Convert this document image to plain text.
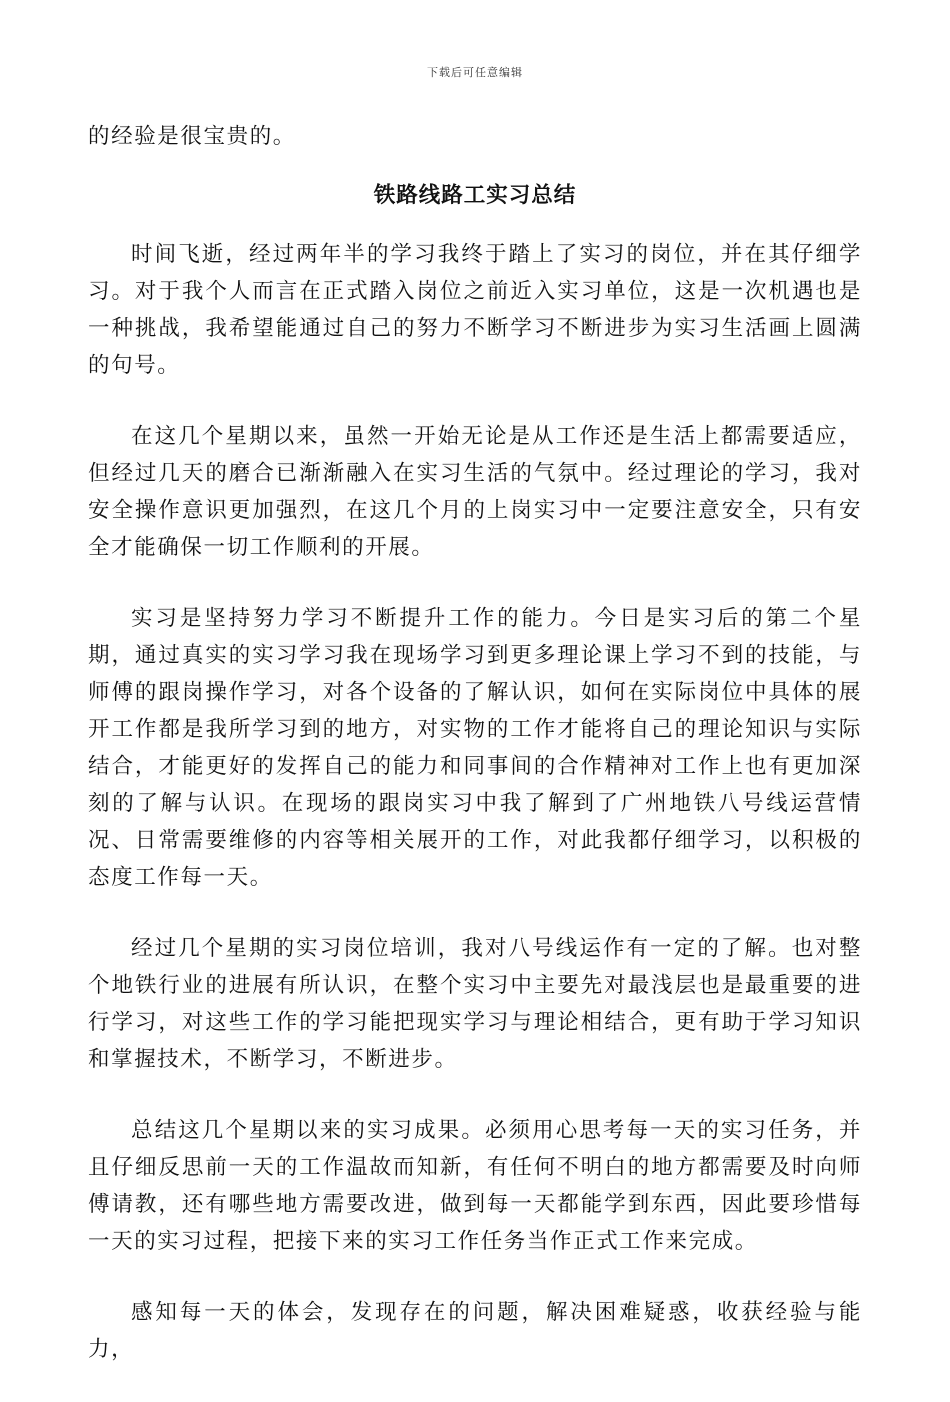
下载后可任意编辑

的经验是很宝贵的。

铁路线路工实习总结

时间飞逝，经过两年半的学习我终于踏上了实习的岗位，并在其仔细学习。对于我个人而言在正式踏入岗位之前近入实习单位，这是一次机遇也是一种挑战，我希望能通过自己的努力不断学习不断进步为实习生活画上圆满的句号。

在这几个星期以来，虽然一开始无论是从工作还是生活上都需要适应，但经过几天的磨合已渐渐融入在实习生活的气氛中。经过理论的学习，我对安全操作意识更加强烈，在这几个月的上岗实习中一定要注意安全，只有安全才能确保一切工作顺利的开展。

实习是坚持努力学习不断提升工作的能力。今日是实习后的第二个星期，通过真实的实习学习我在现场学习到更多理论课上学习不到的技能，与师傅的跟岗操作学习，对各个设备的了解认识，如何在实际岗位中具体的展开工作都是我所学习到的地方，对实物的工作才能将自己的理论知识与实际结合，才能更好的发挥自己的能力和同事间的合作精神对工作上也有更加深刻的了解与认识。在现场的跟岗实习中我了解到了广州地铁八号线运营情况、日常需要维修的内容等相关展开的工作，对此我都仔细学习，以积极的态度工作每一天。

经过几个星期的实习岗位培训，我对八号线运作有一定的了解。也对整个地铁行业的进展有所认识，在整个实习中主要先对最浅层也是最重要的进行学习，对这些工作的学习能把现实学习与理论相结合，更有助于学习知识和掌握技术，不断学习，不断进步。

总结这几个星期以来的实习成果。必须用心思考每一天的实习任务，并且仔细反思前一天的工作温故而知新，有任何不明白的地方都需要及时向师傅请教，还有哪些地方需要改进，做到每一天都能学到东西，因此要珍惜每一天的实习过程，把接下来的实习工作任务当作正式工作来完成。

感知每一天的体会，发现存在的问题，解决困难疑惑，收获经验与能力，
